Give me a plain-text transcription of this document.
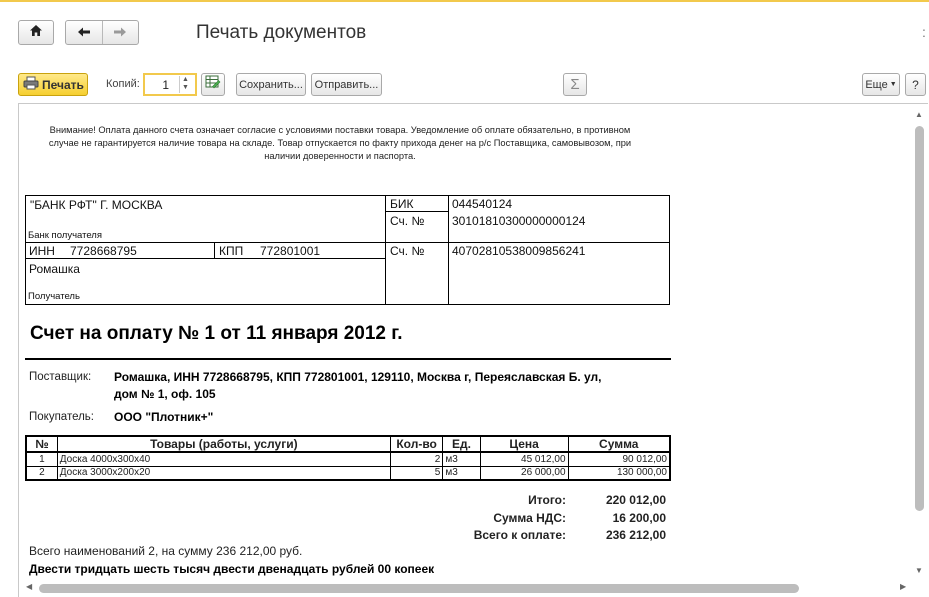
Печать документов	:
Печать Копий:	1	▲
▼	Сохранить...	Отправить...	Σ	Еще ▼	?
▲
▼
◀	▶
Внимание! Оплата данного счета означает согласие с условиями поставки товара. Уведомление об оплате обязательно, в противном случае не гарантируется наличие товара на складе. Товар отпускается по факту прихода денег на р/с Поставщика, самовывозом, при наличии доверенности и паспорта.
"БАНК РФТ" Г. МОСКВА
Банк получателя
БИК	044540124
Сч. № 30101810300000000124
ИНН 7728668795	КПП 772801001	Сч. № 40702810538009856241
Ромашка
Получатель
Счет на оплату № 1 от 11 января 2012 г.
Поставщик: Ромашка, ИНН 7728668795, КПП 772801001, 129110, Москва г, Переяславская Б. ул,
дом № 1, оф. 105
Покупатель: ООО "Плотник+"
№	Товары (работы, услуги)	Кол-во	Ед.	Цена	Сумма
1	Доска 4000х300х40	2	м3	45 012,00	90 012,00
2	Доска 3000х200х20	5	м3	26 000,00	130 000,00
Итого:	220 012,00
Сумма НДС:	16 200,00
Всего к оплате:	236 212,00
Всего наименований 2, на сумму 236 212,00 руб.
Двести тридцать шесть тысяч двести двенадцать рублей 00 копеек
